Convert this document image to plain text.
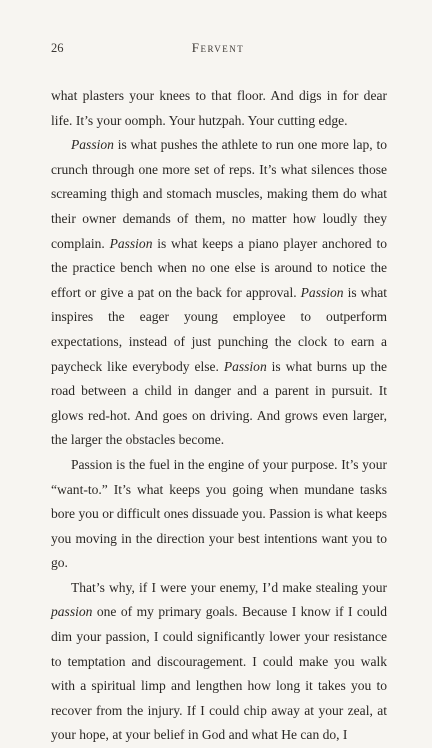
26	Fervent

what plasters your knees to that floor. And digs in for dear life. It’s your oomph. Your hutzpah. Your cutting edge.

Passion is what pushes the athlete to run one more lap, to crunch through one more set of reps. It’s what silences those screaming thigh and stomach muscles, making them do what their owner demands of them, no matter how loudly they complain. Passion is what keeps a piano player anchored to the practice bench when no one else is around to notice the effort or give a pat on the back for approval. Passion is what inspires the eager young employee to outperform expectations, instead of just punching the clock to earn a paycheck like everybody else. Passion is what burns up the road between a child in danger and a parent in pursuit. It glows red-hot. And goes on driving. And grows even larger, the larger the obstacles become.

Passion is the fuel in the engine of your purpose. It’s your “want-to.” It’s what keeps you going when mundane tasks bore you or difficult ones dissuade you. Passion is what keeps you moving in the direction your best intentions want you to go.

That’s why, if I were your enemy, I’d make stealing your passion one of my primary goals. Because I know if I could dim your passion, I could significantly lower your resistance to temptation and discouragement. I could make you walk with a spiritual limp and lengthen how long it takes you to recover from the injury. If I could chip away at your zeal, at your hope, at your belief in God and what He can do, I
